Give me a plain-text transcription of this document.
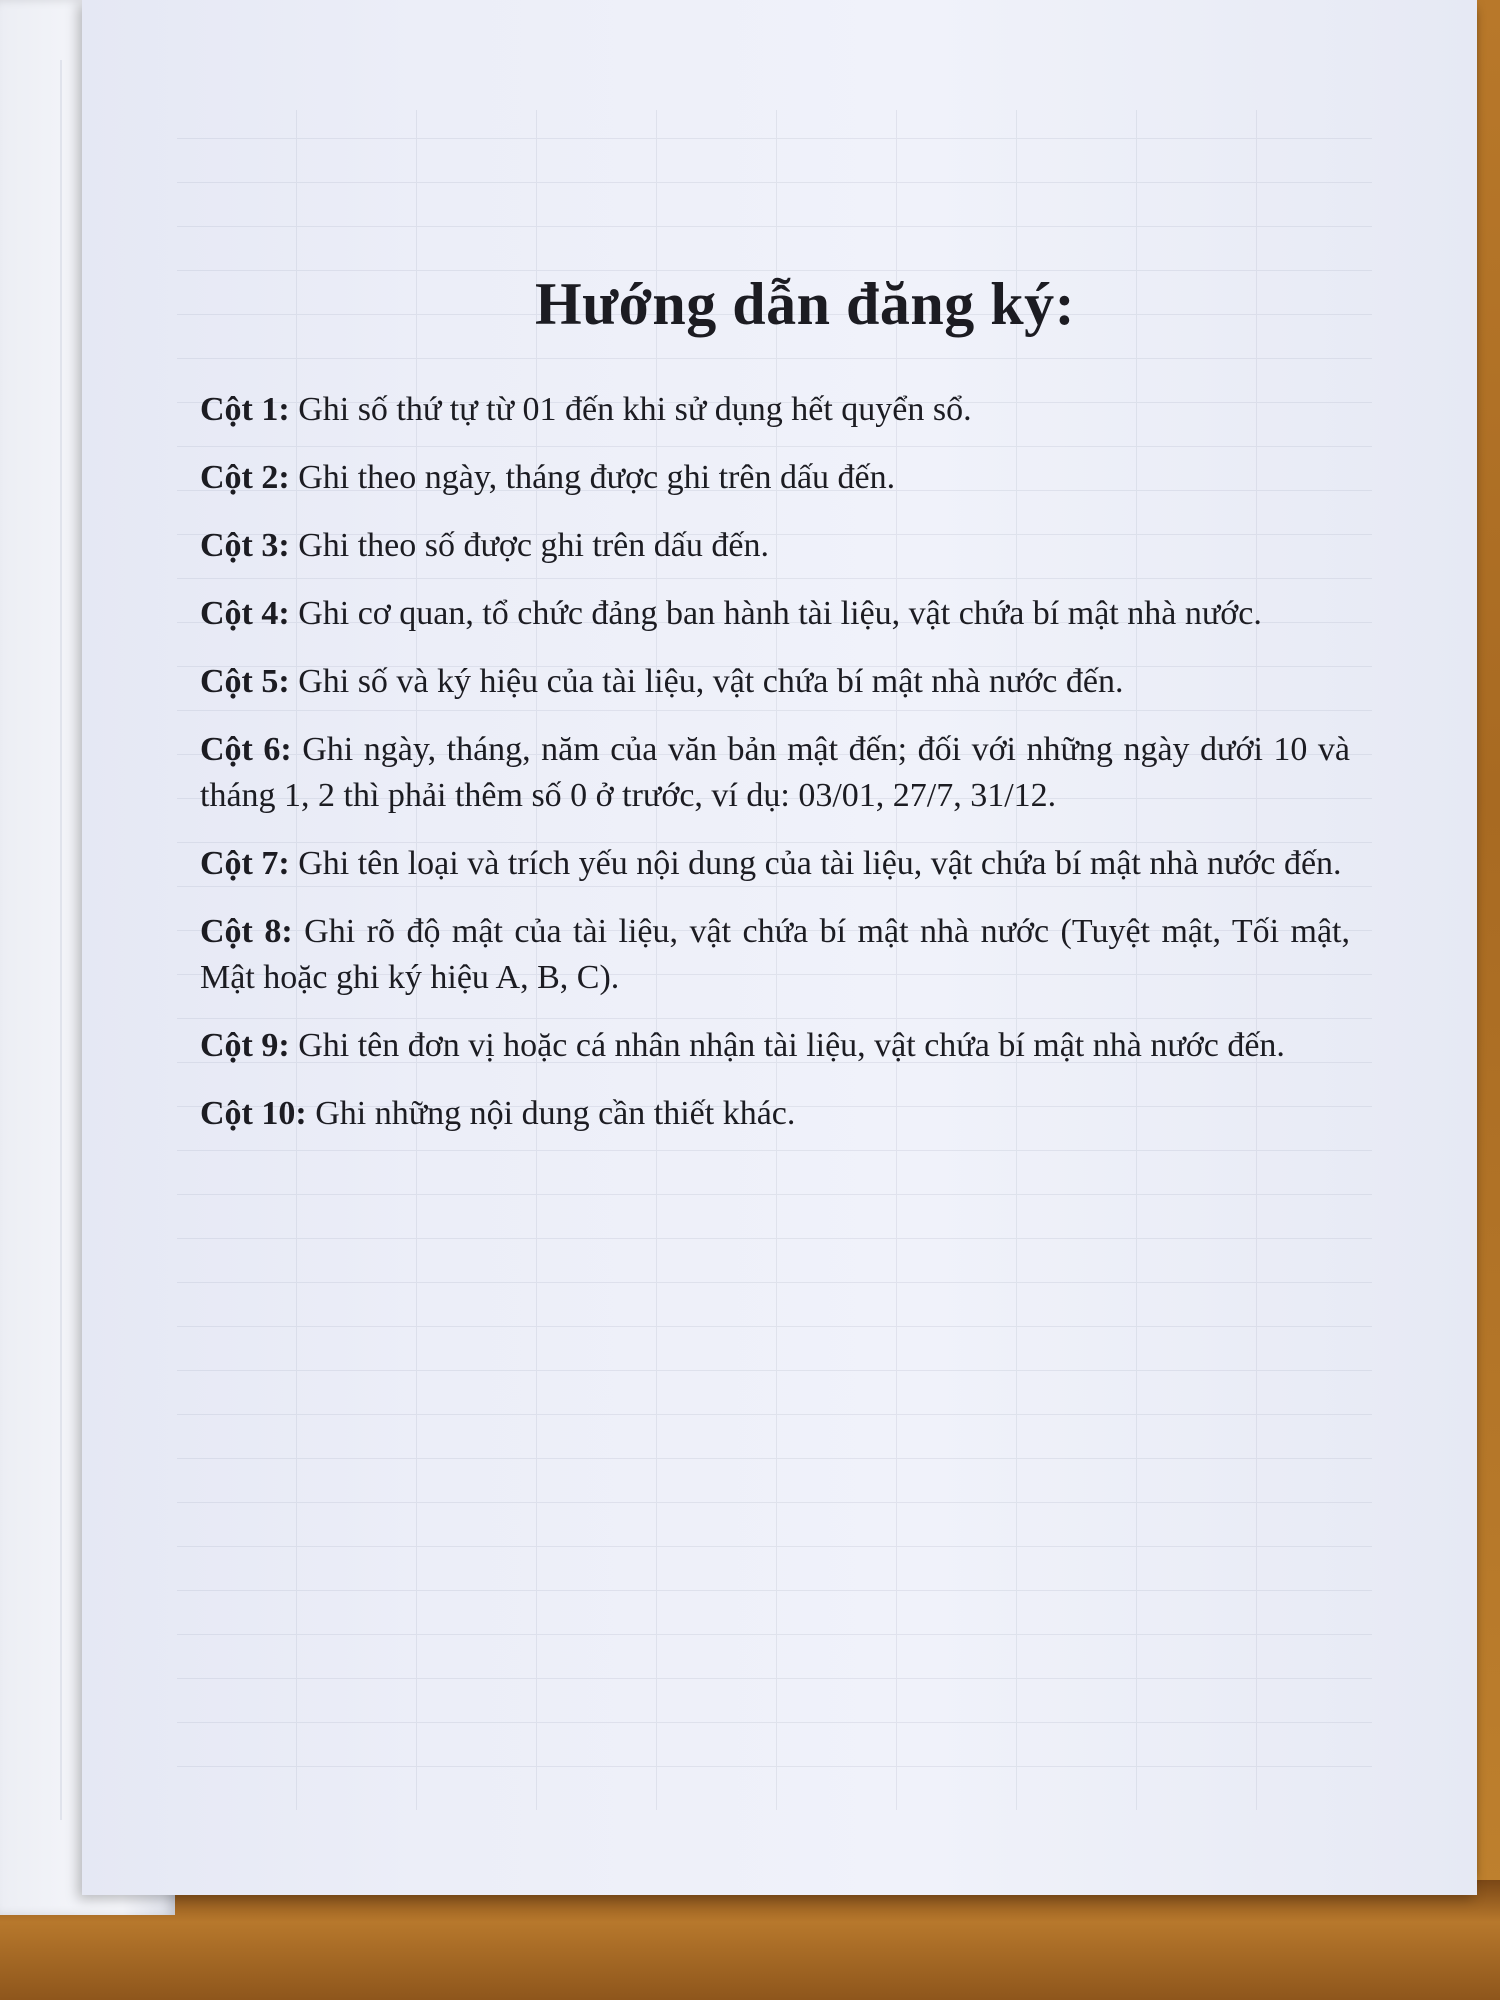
Hướng dẫn đăng ký:

Cột 1: Ghi số thứ tự từ 01 đến khi sử dụng hết quyển sổ.

Cột 2: Ghi theo ngày, tháng được ghi trên dấu đến.

Cột 3: Ghi theo số được ghi trên dấu đến.

Cột 4: Ghi cơ quan, tổ chức đảng ban hành tài liệu, vật chứa bí mật nhà nước.

Cột 5: Ghi số và ký hiệu của tài liệu, vật chứa bí mật nhà nước đến.

Cột 6: Ghi ngày, tháng, năm của văn bản mật đến; đối với những ngày dưới 10 và tháng 1, 2 thì phải thêm số 0 ở trước, ví dụ: 03/01, 27/7, 31/12.

Cột 7: Ghi tên loại và trích yếu nội dung của tài liệu, vật chứa bí mật nhà nước đến.

Cột 8: Ghi rõ độ mật của tài liệu, vật chứa bí mật nhà nước (Tuyệt mật, Tối mật, Mật hoặc ghi ký hiệu A, B, C).

Cột 9: Ghi tên đơn vị hoặc cá nhân nhận tài liệu, vật chứa bí mật nhà nước đến.

Cột 10: Ghi những nội dung cần thiết khác.
